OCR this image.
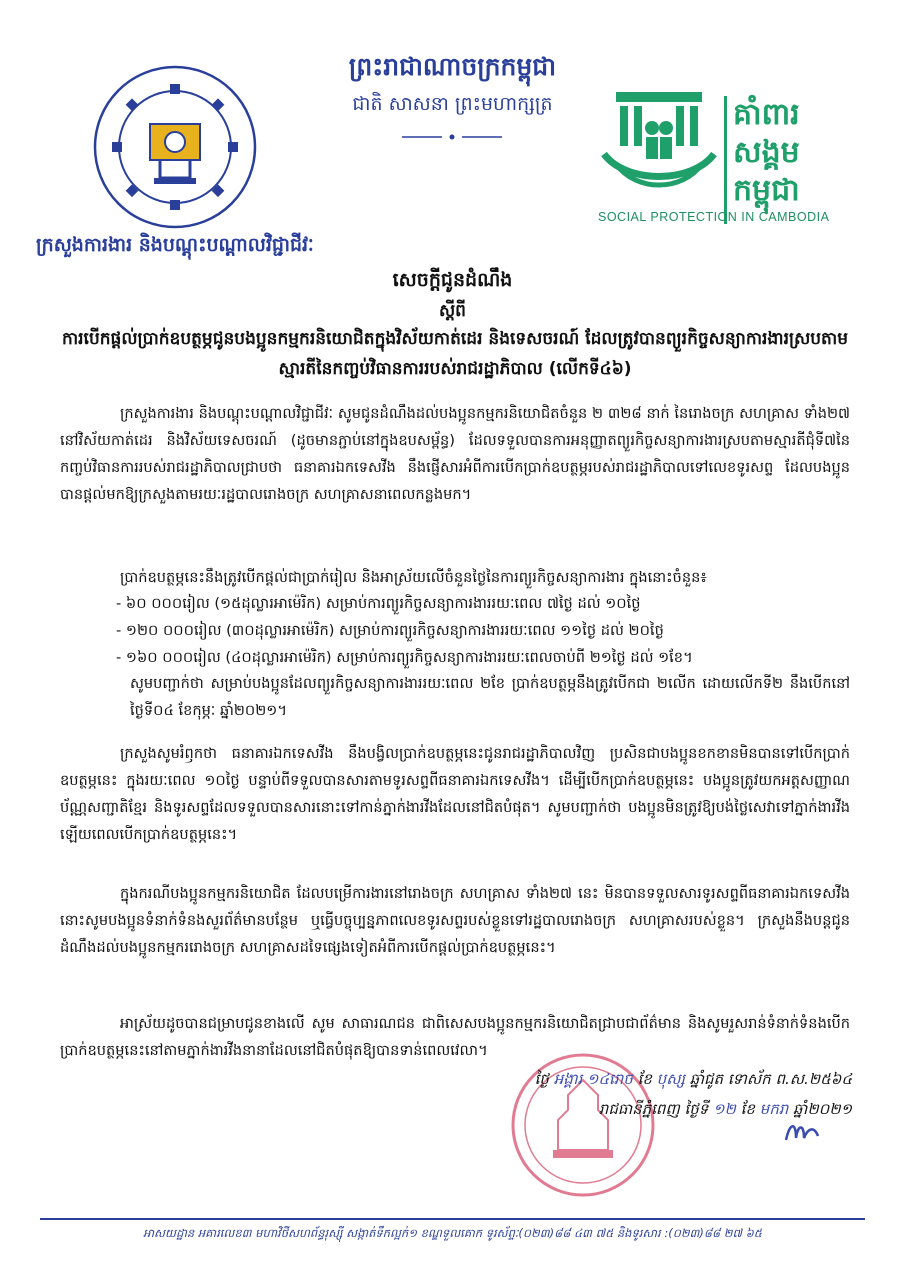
គាំពារ
សង្គម
កម្ពុជា
SOCIAL PROTECTION IN CAMBODIA
ព្រះរាជាណាចក្រកម្ពុជា
ជាតិ សាសនា ព្រះមហាក្សត្រ
ក្រសួងការងារ និងបណ្តុះបណ្តាលវិជ្ជាជីវៈ
សេចក្តីជូនដំណឹង
ស្តីពី
ការបើកផ្តល់ប្រាក់ឧបត្ថម្ភជូនបងប្អូនកម្មករនិយោជិតក្នុងវិស័យកាត់ដេរ និងទេសចរណ៍ ដែលត្រូវបានព្យួរកិច្ចសន្យាការងារស្របតាមស្មារតីនៃកញ្ចប់វិធានការរបស់រាជរដ្ឋាភិបាល (លើកទី៤៦)
ក្រសួងការងារ និងបណ្តុះបណ្តាលវិជ្ជាជីវៈ សូមជូនដំណឹងដល់បងប្អូនកម្មករនិយោជិតចំនួន ២ ៣២៨ នាក់ នៃរោងចក្រ សហគ្រាស ទាំង២៧ នៅវិស័យកាត់ដេរ និងវិស័យទេសចរណ៍ (ដូចមានភ្ជាប់នៅក្នុងឧបសម្ព័ន្ធ) ដែលទទួលបានការអនុញ្ញាតព្យួរកិច្ចសន្យាការងារស្របតាមស្មារតីជុំទី៧នៃកញ្ចប់វិធានការរបស់រាជរដ្ឋាភិបាលជ្រាបថា ធនាគារឯកទេសវីង នឹងផ្ញើសារអំពីការបើកប្រាក់ឧបត្ថម្ភរបស់រាជរដ្ឋាភិបាលទៅលេខទូរសព្ទ ដែលបងប្អូនបានផ្តល់មកឱ្យក្រសួងតាមរយៈរដ្ឋបាលរោងចក្រ សហគ្រាសនាពេលកន្លងមក។
ប្រាក់ឧបត្ថម្ភនេះនឹងត្រូវបើកផ្តល់ជាប្រាក់រៀល និងអាស្រ័យលើចំនួនថ្ងៃនៃការព្យួរកិច្ចសន្យាការងារ ក្នុងនោះចំនួន៖
- ៦០ ០០០រៀល (១៥ដុល្លារអាម៉េរិក) សម្រាប់ការព្យួរកិច្ចសន្យាការងាររយៈពេល ៧ថ្ងៃ ដល់ ១០ថ្ងៃ
- ១២០ ០០០រៀល (៣០ដុល្លារអាម៉េរិក) សម្រាប់ការព្យួរកិច្ចសន្យាការងាររយៈពេល ១១ថ្ងៃ ដល់ ២០ថ្ងៃ
- ១៦០ ០០០រៀល (៤០ដុល្លារអាម៉េរិក) សម្រាប់ការព្យួរកិច្ចសន្យាការងាររយៈពេលចាប់ពី ២១ថ្ងៃ ដល់ ១ខែ។
សូមបញ្ជាក់ថា សម្រាប់បងប្អូនដែលព្យួរកិច្ចសន្យាការងាររយៈពេល ២ខែ ប្រាក់ឧបត្ថម្ភនឹងត្រូវបើកជា ២លើក ដោយលើកទី២ នឹងបើកនៅថ្ងៃទី០៤ ខែកុម្ភៈ ឆ្នាំ២០២១។
ក្រសួងសូមរំឭកថា ធនាគារឯកទេសវីង នឹងបង្វិលប្រាក់ឧបត្ថម្ភនេះជូនរាជរដ្ឋាភិបាលវិញ ប្រសិនជាបងប្អូនខកខានមិនបានទៅបើកប្រាក់ឧបត្ថម្ភនេះ ក្នុងរយៈពេល ១០ថ្ងៃ បន្ទាប់ពីទទួលបានសារតាមទូរសព្ទពីធនាគារឯកទេសវីង។ ដើម្បីបើកប្រាក់ឧបត្ថម្ភនេះ បងប្អូនត្រូវយកអត្តសញ្ញាណប័ណ្ណសញ្ជាតិខ្មែរ និងទូរសព្ទដែលទទួលបានសារនោះទៅកាន់ភ្នាក់ងារវីងដែលនៅជិតបំផុត។ សូមបញ្ជាក់ថា បងប្អូនមិនត្រូវឱ្យបង់ថ្លៃសេវាទៅភ្នាក់ងារវីងឡើយពេលបើកប្រាក់ឧបត្ថម្ភនេះ។
ក្នុងករណីបងប្អូនកម្មករនិយោជិត ដែលបម្រើការងារនៅរោងចក្រ សហគ្រាស ទាំង២៧ នេះ មិនបានទទួលសារទូរសព្ទពីធនាគារឯកទេសវីង នោះសូមបងប្អូនទំនាក់ទំនងសួរព័ត៌មានបន្ថែម ឬធ្វើបច្ចុប្បន្នភាពលេខទូរសព្ទរបស់ខ្លួនទៅរដ្ឋបាលរោងចក្រ សហគ្រាសរបស់ខ្លួន។ ក្រសួងនឹងបន្តជូនដំណឹងដល់បងប្អូនកម្មកររោងចក្រ សហគ្រាសដទៃផ្សេងទៀតអំពីការបើកផ្តល់ប្រាក់ឧបត្ថម្ភនេះ។
អាស្រ័យដូចបានជម្រាបជូនខាងលើ សូម សាធារណជន ជាពិសេសបងប្អូនកម្មករនិយោជិតជ្រាបជាព័ត៌មាន និងសូមរួសរាន់ទំនាក់ទំនងបើកប្រាក់ឧបត្ថម្ភនេះនៅតាមភ្នាក់ងារវីងនានាដែលនៅជិតបំផុតឱ្យបានទាន់ពេលវេលា។
ថ្ងៃ អង្គារ ១៤រោច ខែ បុស្ស ឆ្នាំជូត ទោស័ក ព.ស.២៥៦៤
រាជធានីភ្នំពេញ ថ្ងៃទី ១២ ខែ មករា ឆ្នាំ២០២១
អាសយដ្ឋាន អគារលេខ៣ មហាវិថីសហព័ន្ធរុស្ស៊ី សង្កាត់ទឹកល្អក់១ ខណ្ឌទួលគោក ទូរស័ព្ទៈ(០២៣)៨៨ ៤៣ ៧៥ និងទូរសារ :(០២៣)៨៨ ២៧ ៦៥
